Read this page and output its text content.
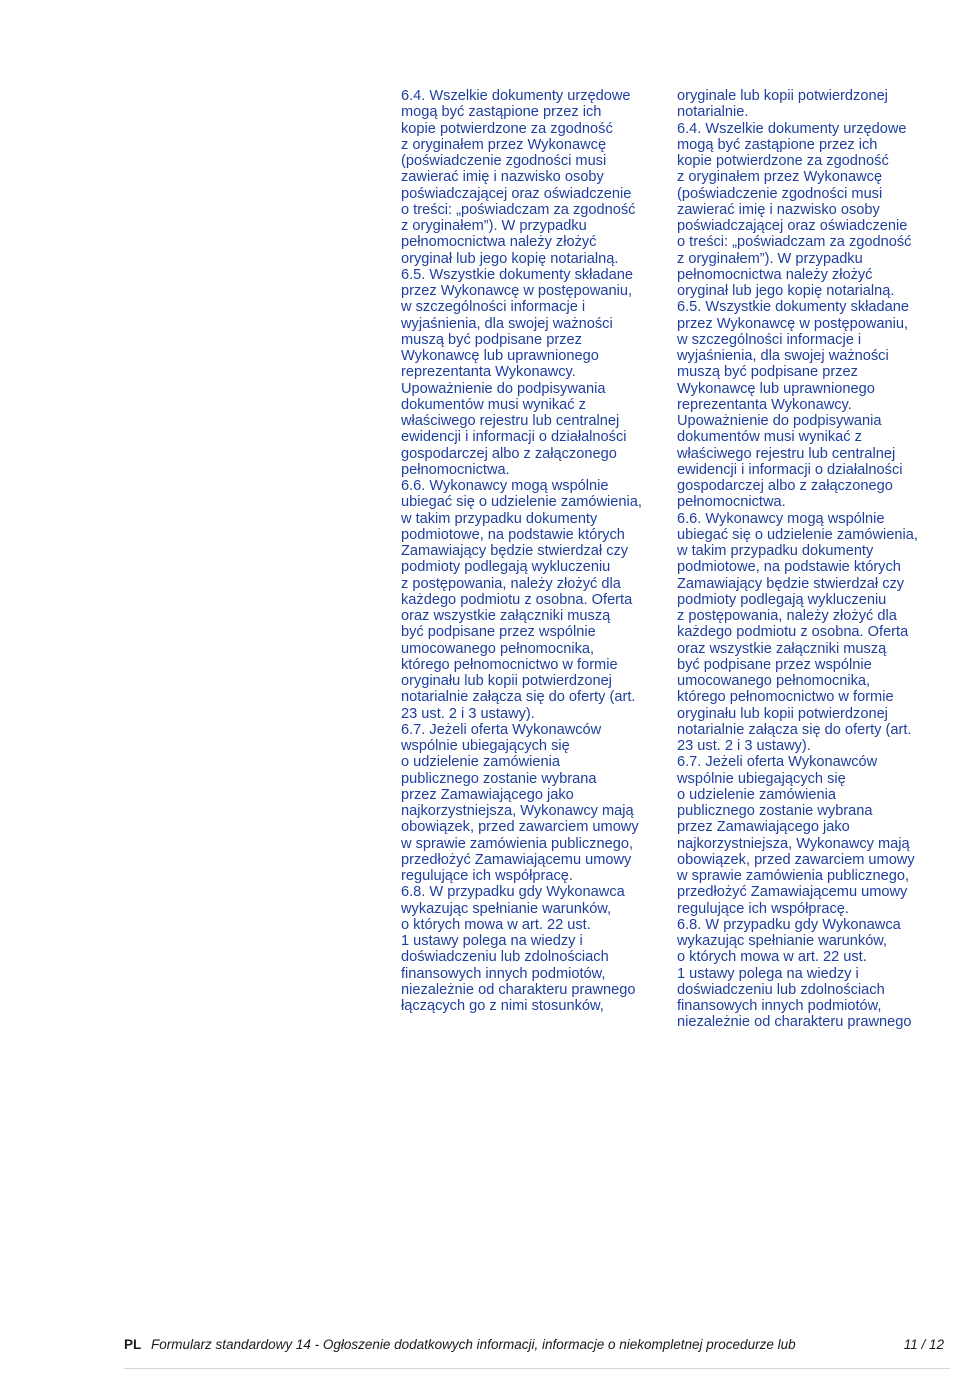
6.4. Wszelkie dokumenty urzędowe
mogą być zastąpione przez ich
kopie potwierdzone za zgodność
z oryginałem przez Wykonawcę
(poświadczenie zgodności musi
zawierać imię i nazwisko osoby
poświadczającej oraz oświadczenie
o treści: „poświadczam za zgodność
z oryginałem”). W przypadku
pełnomocnictwa należy złożyć
oryginał lub jego kopię notarialną.
6.5. Wszystkie dokumenty składane
przez Wykonawcę w postępowaniu,
w szczególności informacje i
wyjaśnienia, dla swojej ważności
muszą być podpisane przez
Wykonawcę lub uprawnionego
reprezentanta Wykonawcy.
Upoważnienie do podpisywania
dokumentów musi wynikać z
właściwego rejestru lub centralnej
ewidencji i informacji o działalności
gospodarczej albo z załączonego
pełnomocnictwa.
6.6. Wykonawcy mogą wspólnie
ubiegać się o udzielenie zamówienia,
w takim przypadku dokumenty
podmiotowe, na podstawie których
Zamawiający będzie stwierdzał czy
podmioty podlegają wykluczeniu
z postępowania, należy złożyć dla
każdego podmiotu z osobna. Oferta
oraz wszystkie załączniki muszą
być podpisane przez wspólnie
umocowanego pełnomocnika,
którego pełnomocnictwo w formie
oryginału lub kopii potwierdzonej
notarialnie załącza się do oferty (art.
23 ust. 2 i 3 ustawy).
6.7. Jeżeli oferta Wykonawców
wspólnie ubiegających się
o udzielenie zamówienia
publicznego zostanie wybrana
przez Zamawiającego jako
najkorzystniejsza, Wykonawcy mają
obowiązek, przed zawarciem umowy
w sprawie zamówienia publicznego,
przedłożyć Zamawiającemu umowy
regulujące ich współpracę.
6.8. W przypadku gdy Wykonawca
wykazując spełnianie warunków,
o których mowa w art. 22 ust.
1 ustawy polega na wiedzy i
doświadczeniu lub zdolnościach
finansowych innych podmiotów,
niezależnie od charakteru prawnego
łączących go z nimi stosunków,
oryginale lub kopii potwierdzonej
notarialnie.
6.4. Wszelkie dokumenty urzędowe
mogą być zastąpione przez ich
kopie potwierdzone za zgodność
z oryginałem przez Wykonawcę
(poświadczenie zgodności musi
zawierać imię i nazwisko osoby
poświadczającej oraz oświadczenie
o treści: „poświadczam za zgodność
z oryginałem”). W przypadku
pełnomocnictwa należy złożyć
oryginał lub jego kopię notarialną.
6.5. Wszystkie dokumenty składane
przez Wykonawcę w postępowaniu,
w szczególności informacje i
wyjaśnienia, dla swojej ważności
muszą być podpisane przez
Wykonawcę lub uprawnionego
reprezentanta Wykonawcy.
Upoważnienie do podpisywania
dokumentów musi wynikać z
właściwego rejestru lub centralnej
ewidencji i informacji o działalności
gospodarczej albo z załączonego
pełnomocnictwa.
6.6. Wykonawcy mogą wspólnie
ubiegać się o udzielenie zamówienia,
w takim przypadku dokumenty
podmiotowe, na podstawie których
Zamawiający będzie stwierdzał czy
podmioty podlegają wykluczeniu
z postępowania, należy złożyć dla
każdego podmiotu z osobna. Oferta
oraz wszystkie załączniki muszą
być podpisane przez wspólnie
umocowanego pełnomocnika,
którego pełnomocnictwo w formie
oryginału lub kopii potwierdzonej
notarialnie załącza się do oferty (art.
23 ust. 2 i 3 ustawy).
6.7. Jeżeli oferta Wykonawców
wspólnie ubiegających się
o udzielenie zamówienia
publicznego zostanie wybrana
przez Zamawiającego jako
najkorzystniejsza, Wykonawcy mają
obowiązek, przed zawarciem umowy
w sprawie zamówienia publicznego,
przedłożyć Zamawiającemu umowy
regulujące ich współpracę.
6.8. W przypadku gdy Wykonawca
wykazując spełnianie warunków,
o których mowa w art. 22 ust.
1 ustawy polega na wiedzy i
doświadczeniu lub zdolnościach
finansowych innych podmiotów,
niezależnie od charakteru prawnego
PL Formularz standardowy 14 - Ogłoszenie dodatkowych informacji, informacje o niekompletnej procedurze lub	11 / 12
